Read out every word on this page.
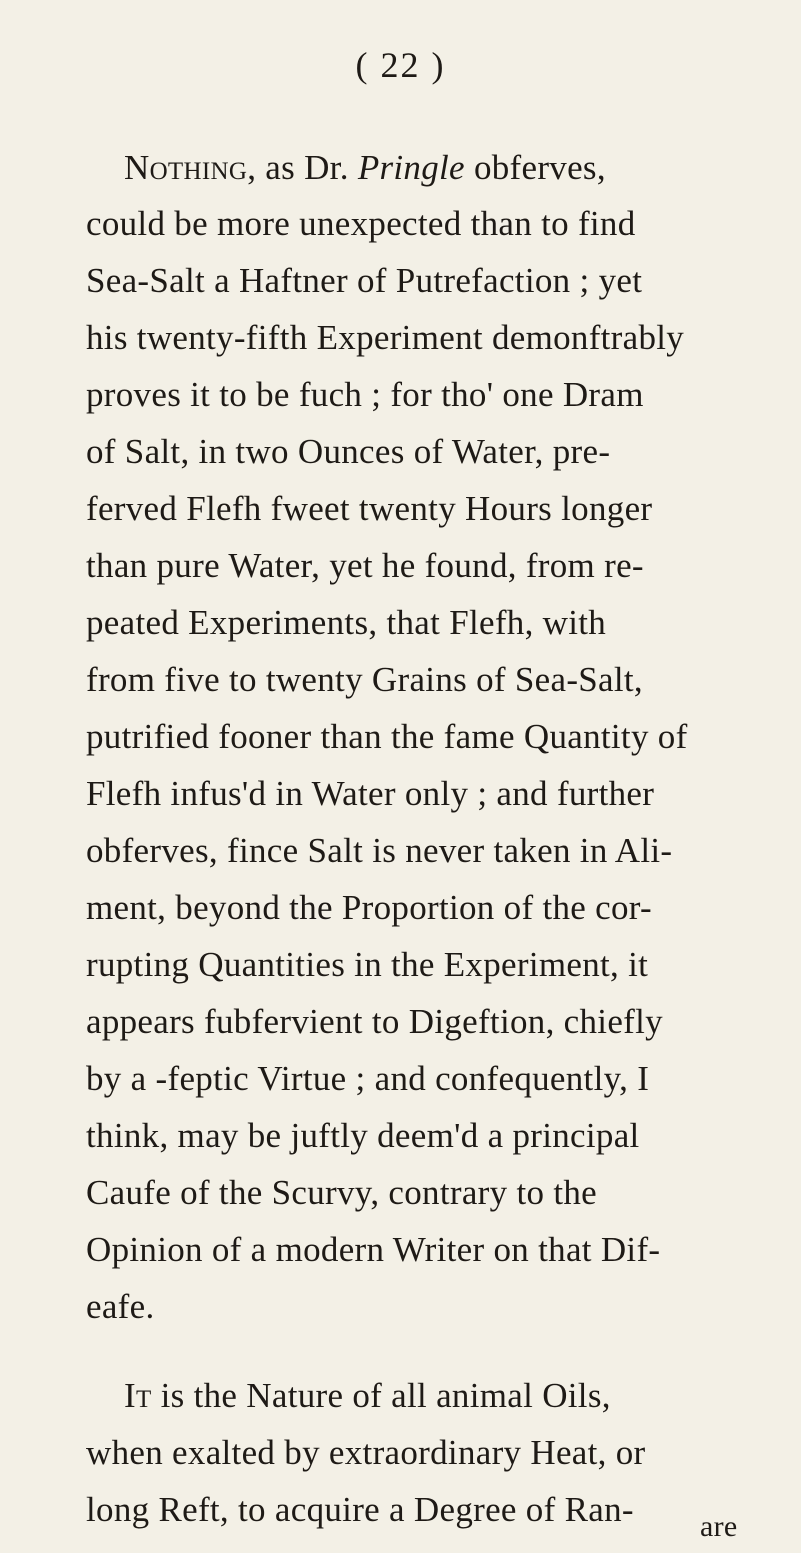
( 22 )
Nothing, as Dr. Pringle obferves,
could be more unexpected than to find
Sea-Salt a Haftner of Putrefaction ; yet
his twenty-fifth Experiment demonftrably
proves it to be fuch ; for tho' one Dram
of Salt, in two Ounces of Water, pre-
ferved Flefh fweet twenty Hours longer
than pure Water, yet he found, from re-
peated Experiments, that Flefh, with
from five to twenty Grains of Sea-Salt,
putrified fooner than the fame Quantity of
Flefh infus'd in Water only ; and further
obferves, fince Salt is never taken in Ali-
ment, beyond the Proportion of the cor-
rupting Quantities in the Experiment, it
appears fubfervient to Digeftion, chiefly
by a -feptic Virtue ; and confequently, I
think, may be juftly deem'd a principal
Caufe of the Scurvy, contrary to the
Opinion of a modern Writer on that Dif-
eafe.
It is the Nature of all animal Oils,
when exalted by extraordinary Heat, or
long Reft, to acquire a Degree of Ran- are
